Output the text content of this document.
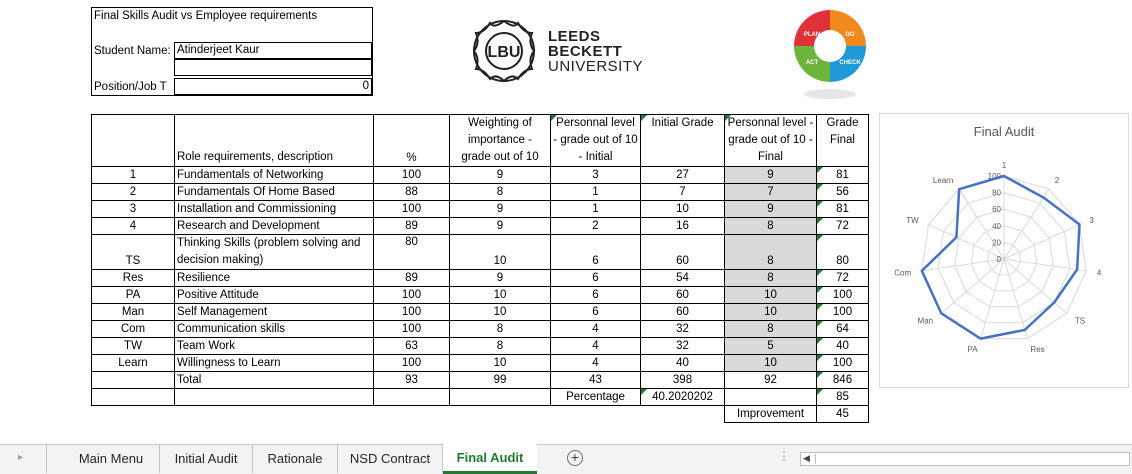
Final Skills Audit vs Employee requirements
Student Name: Atinderjeet Kaur
Position/Job T	0
LBU
LEEDS
BECKETT
UNIVERSITY
PLAN	DO
ACT	CHECK
	Role requirements, description	%	Weighting of importance - grade out of 10	Personnal level - grade out of 10 - Initial	Initial Grade	Personnal level - grade out of 10 - Final	Grade Final
1	Fundamentals of Networking	100	9	3	27	9	81
2	Fundamentals Of Home Based	88	8	1	7	7	56
3	Installation and Commissioning	100	9	1	10	9	81
4	Research and Development	89	9	2	16	8	72
TS	Thinking Skills (problem solving and decision making)	80	10	6	60	8	80
Res	Resilience	89	9	6	54	8	72
PA	Positive Attitude	100	10	6	60	10	100
Man	Self Management	100	10	6	60	10	100
Com	Communication skills	100	8	4	32	8	64
TW	Team Work	63	8	4	32	5	40
Learn	Willingness to Learn	100	10	4	40	10	100
	Total	93	99	43	398	92	846
				Percentage	40.2020202		85
						Improvement	45
Final Audit
0
20
40
60
80
100
1
2
3
4
TS
Res
PA
Man
Com
TW
Learn
▸	Main Menu	Initial Audit	Rationale	NSD Contract	Final Audit	+	⋮ ◀
